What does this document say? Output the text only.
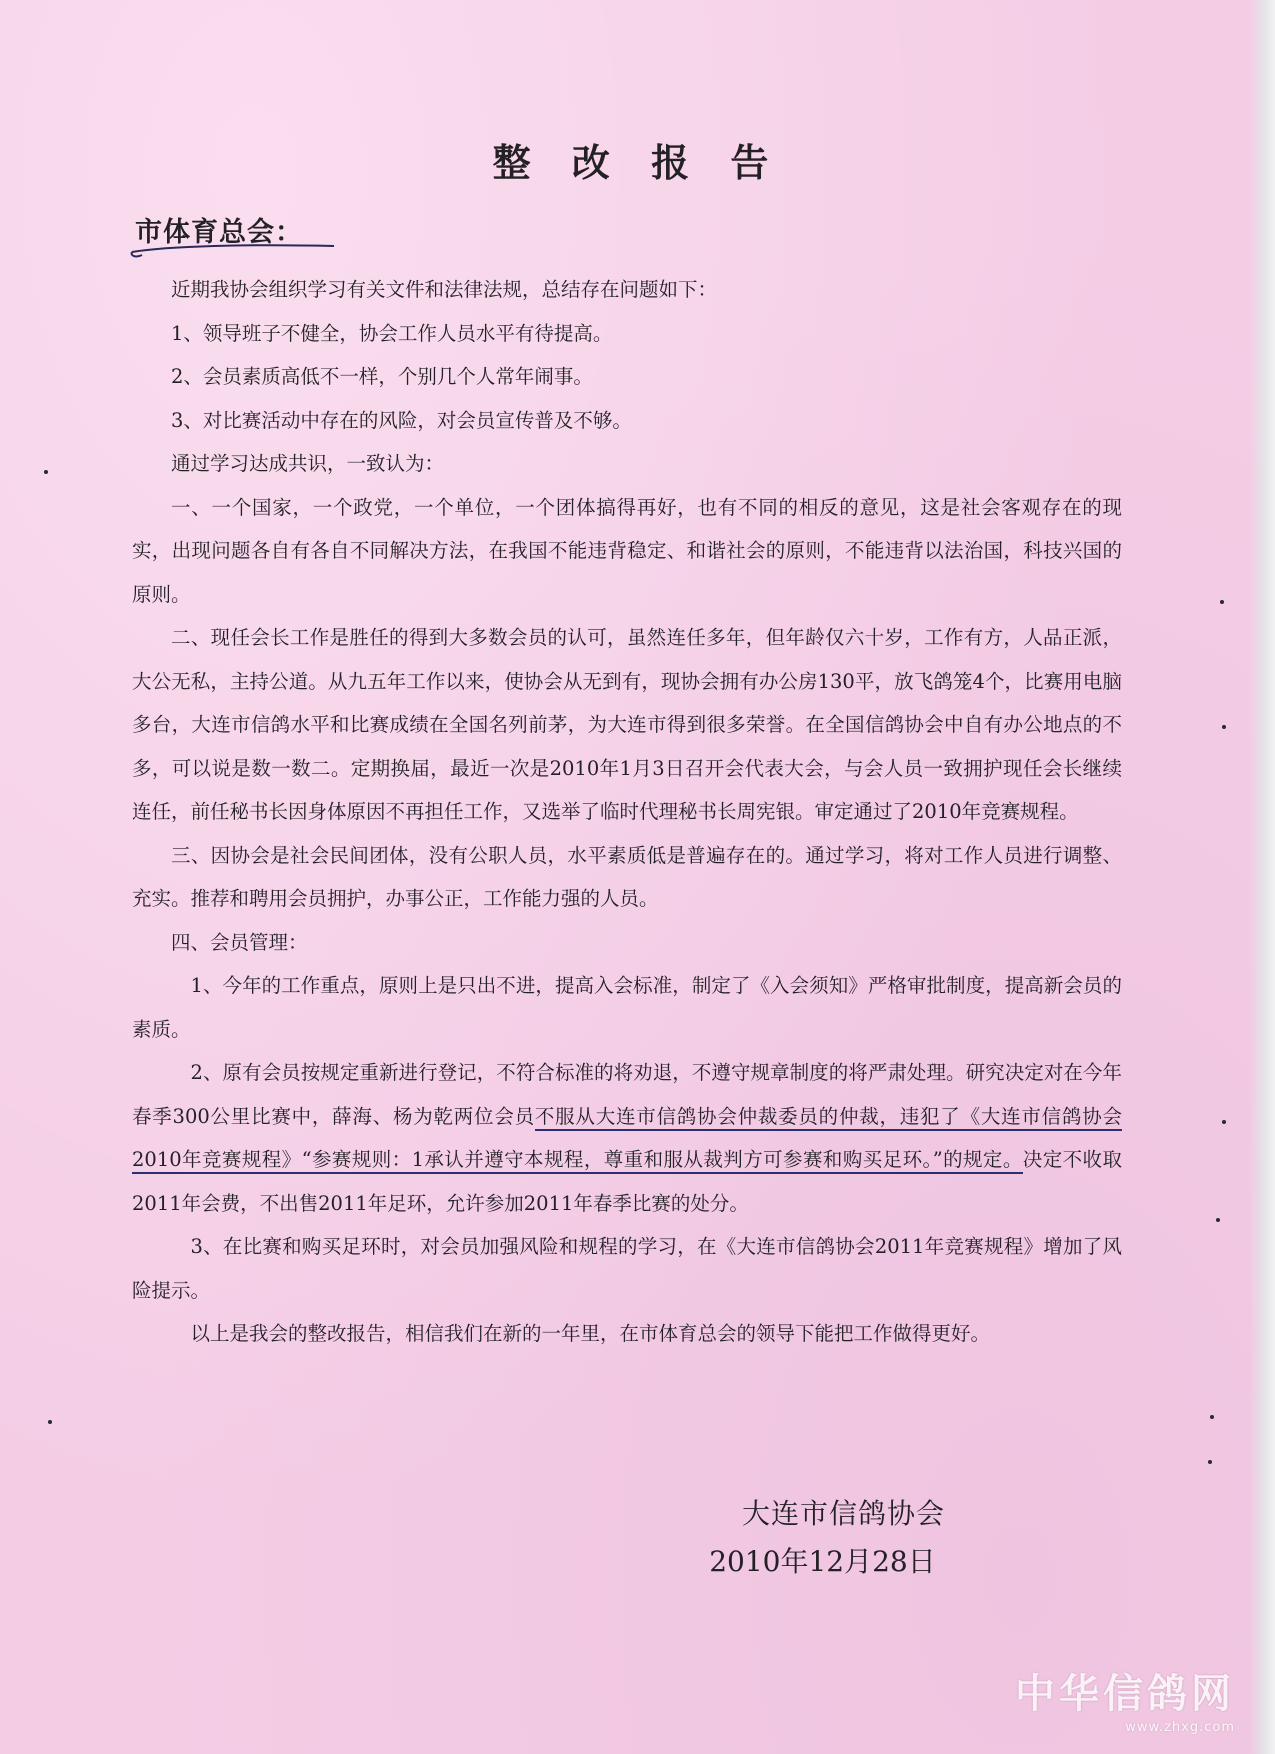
整 改 报 告
市体育总会：

近期我协会组织学习有关文件和法律法规，总结存在问题如下：

1、领导班子不健全，协会工作人员水平有待提高。

2、会员素质高低不一样，个别几个人常年闹事。

3、对比赛活动中存在的风险，对会员宣传普及不够。

通过学习达成共识，一致认为：

一、一个国家，一个政党，一个单位，一个团体搞得再好，也有不同的相反的意见，这是社会客观存在的现实，出现问题各自有各自不同解决方法，在我国不能违背稳定、和谐社会的原则，不能违背以法治国，科技兴国的原则。

二、现任会长工作是胜任的得到大多数会员的认可，虽然连任多年，但年龄仅六十岁，工作有方，人品正派，大公无私，主持公道。从九五年工作以来，使协会从无到有，现协会拥有办公房130平，放飞鸽笼4个，比赛用电脑多台，大连市信鸽水平和比赛成绩在全国名列前茅，为大连市得到很多荣誉。在全国信鸽协会中自有办公地点的不多，可以说是数一数二。定期换届，最近一次是2010年1月3日召开会代表大会，与会人员一致拥护现任会长继续连任，前任秘书长因身体原因不再担任工作，又选举了临时代理秘书长周宪银。审定通过了2010年竞赛规程。

三、因协会是社会民间团体，没有公职人员，水平素质低是普遍存在的。通过学习，将对工作人员进行调整、充实。推荐和聘用会员拥护，办事公正，工作能力强的人员。

四、会员管理：

1、今年的工作重点，原则上是只出不进，提高入会标准，制定了《入会须知》严格审批制度，提高新会员的素质。

2、原有会员按规定重新进行登记，不符合标准的将劝退，不遵守规章制度的将严肃处理。研究决定对在今年春季300公里比赛中，薛海、杨为乾两位会员不服从大连市信鸽协会仲裁委员的仲裁，违犯了《大连市信鸽协会2010年竞赛规程》“参赛规则：1承认并遵守本规程，尊重和服从裁判方可参赛和购买足环。”的规定。决定不收取2011年会费，不出售2011年足环，允许参加2011年春季比赛的处分。

3、在比赛和购买足环时，对会员加强风险和规程的学习，在《大连市信鸽协会2011年竞赛规程》增加了风险提示。

以上是我会的整改报告，相信我们在新的一年里，在市体育总会的领导下能把工作做得更好。

大连市信鸽协会
2010年12月28日
中华信鸽网
www.zhxg.com
